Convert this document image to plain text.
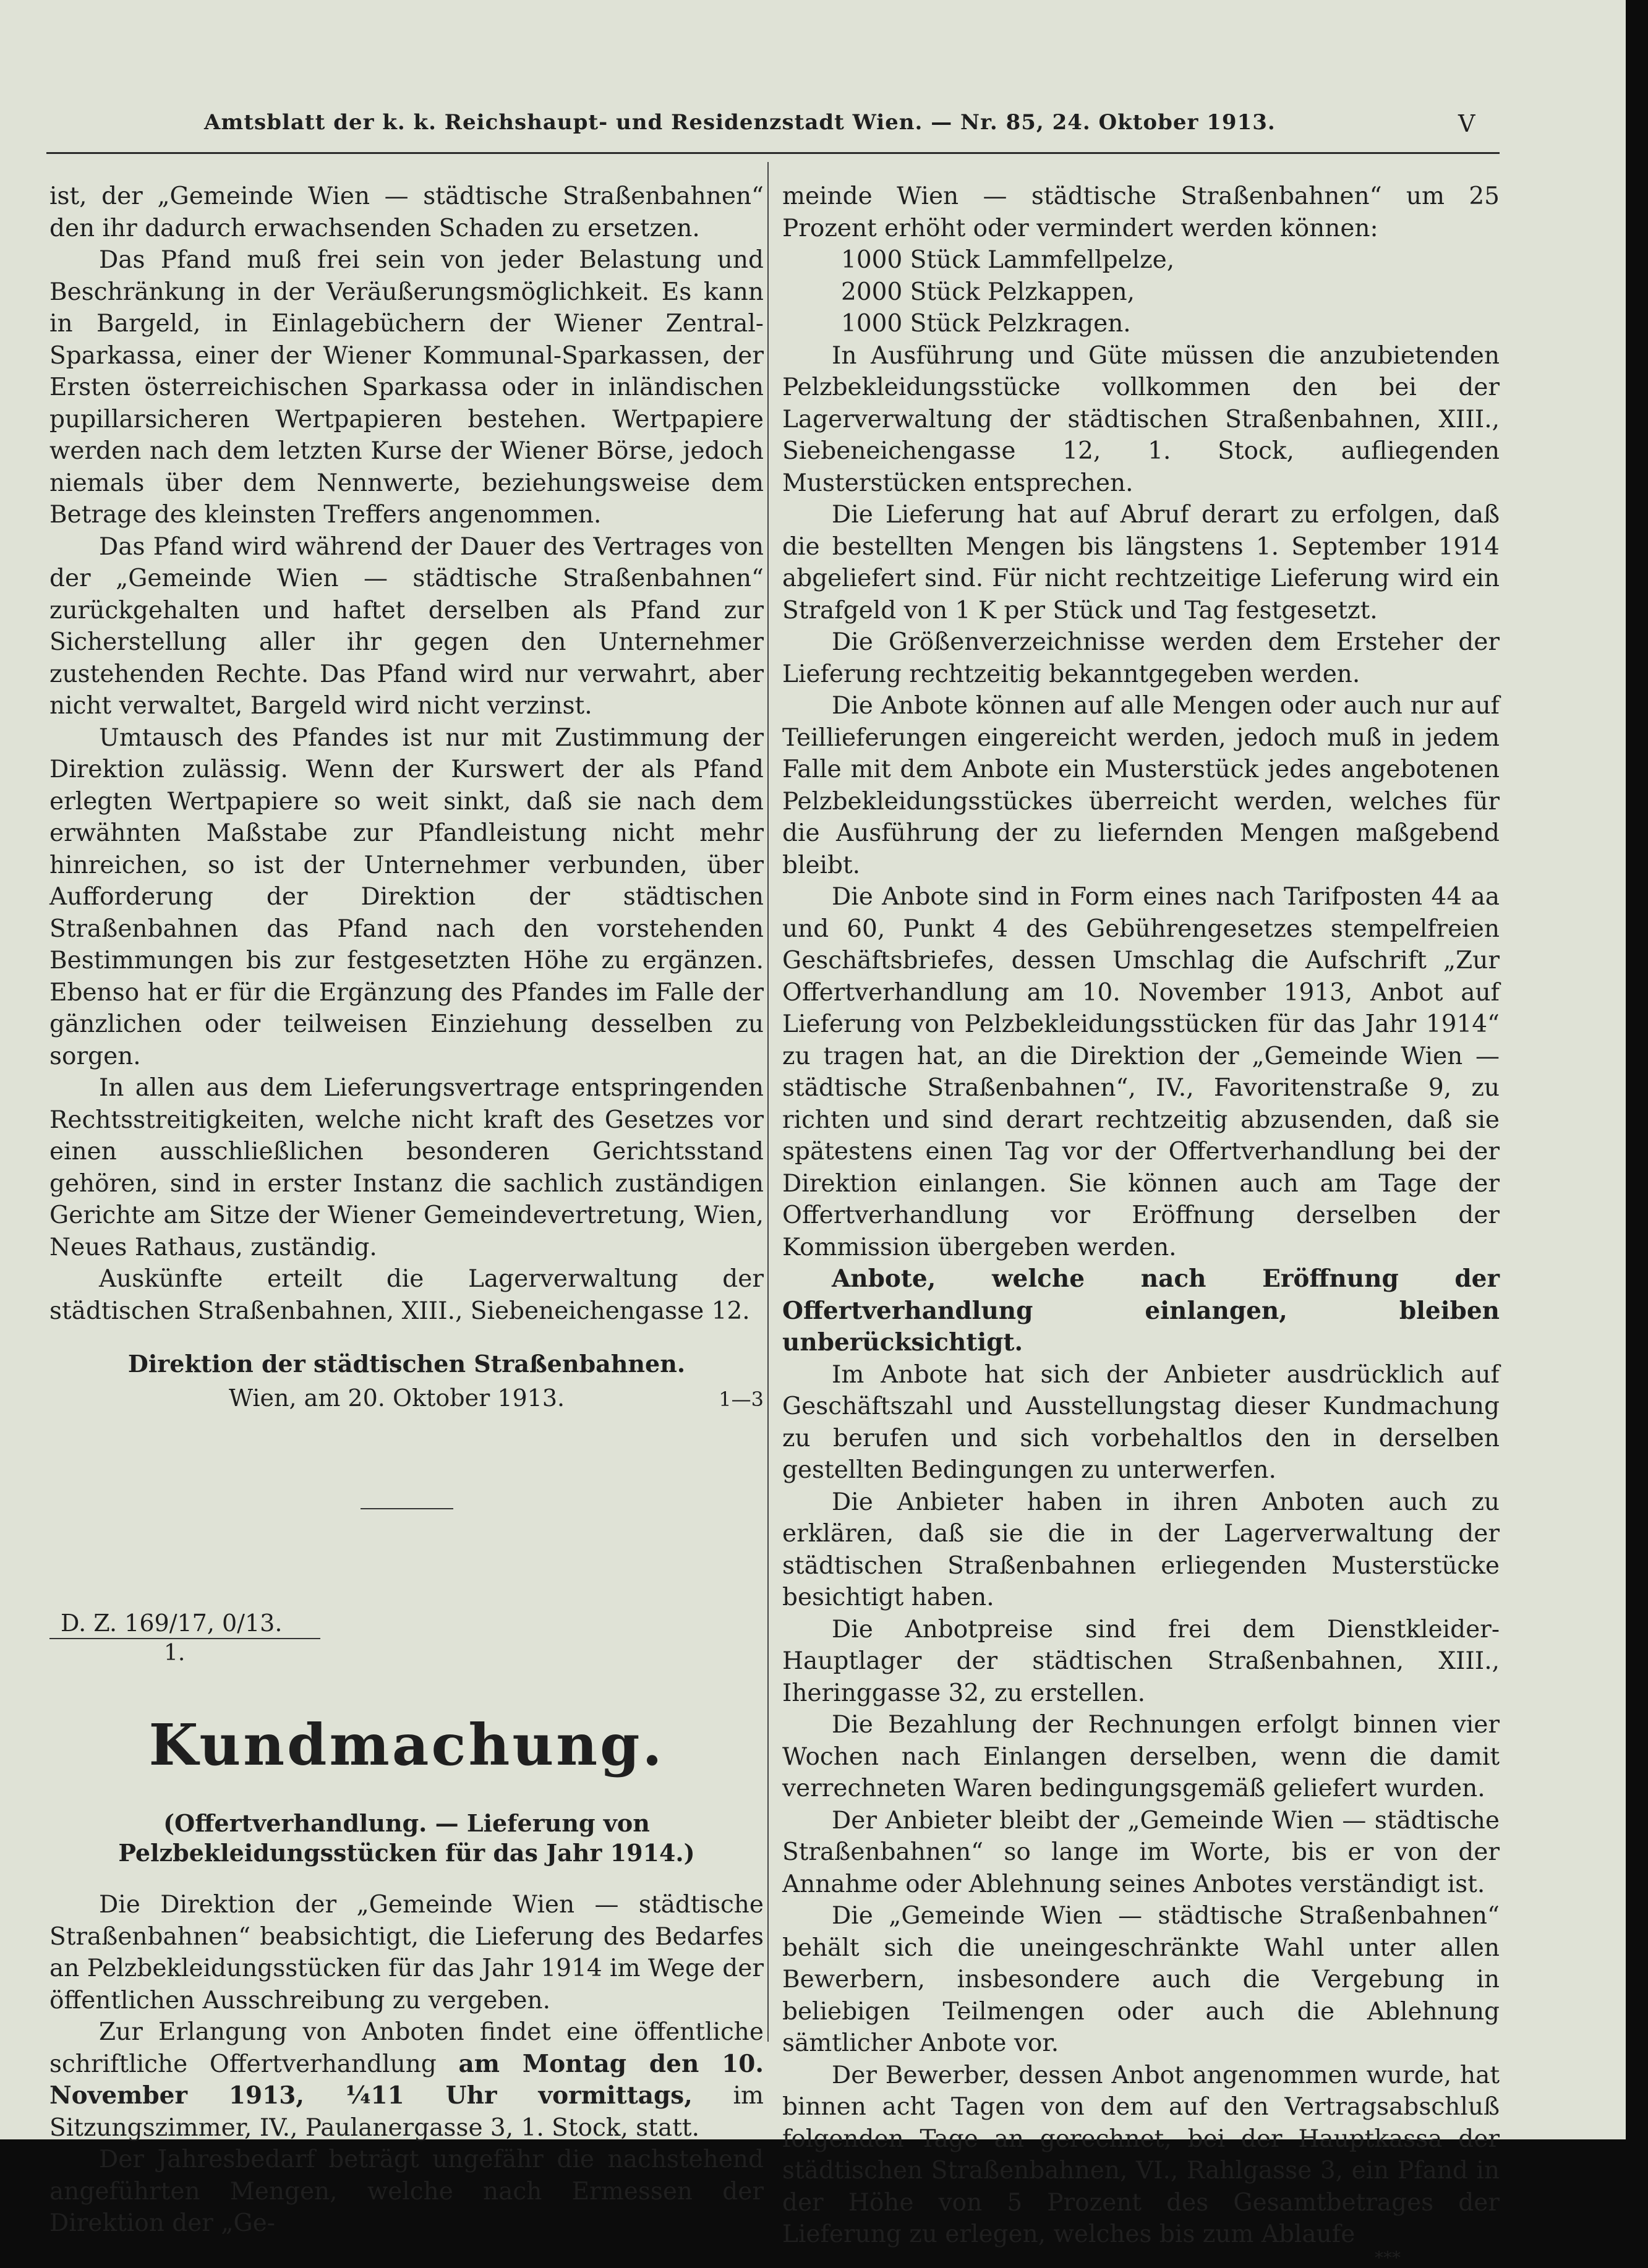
Amtsblatt der k. k. Reichshaupt- und Residenzstadt Wien. — Nr. 85, 24. Oktober 1913.	V

ist, der „Gemeinde Wien — städtische Straßenbahnen“ den ihr dadurch erwachsenden Schaden zu ersetzen.

Das Pfand muß frei sein von jeder Belastung und Beschränkung in der Veräußerungsmöglichkeit. Es kann in Bargeld, in Einlagebüchern der Wiener Zentral-Sparkassa, einer der Wiener Kommunal-Sparkassen, der Ersten österreichischen Sparkassa oder in inländischen pupillarsicheren Wertpapieren bestehen. Wertpapiere werden nach dem letzten Kurse der Wiener Börse, jedoch niemals über dem Nennwerte, beziehungsweise dem Betrage des kleinsten Treffers angenommen.

Das Pfand wird während der Dauer des Vertrages von der „Gemeinde Wien — städtische Straßenbahnen“ zurückgehalten und haftet derselben als Pfand zur Sicherstellung aller ihr gegen den Unternehmer zustehenden Rechte. Das Pfand wird nur verwahrt, aber nicht verwaltet, Bargeld wird nicht verzinst.

Umtausch des Pfandes ist nur mit Zustimmung der Direktion zulässig. Wenn der Kurswert der als Pfand erlegten Wertpapiere so weit sinkt, daß sie nach dem erwähnten Maßstabe zur Pfandleistung nicht mehr hinreichen, so ist der Unternehmer verbunden, über Aufforderung der Direktion der städtischen Straßenbahnen das Pfand nach den vorstehenden Bestimmungen bis zur festgesetzten Höhe zu ergänzen. Ebenso hat er für die Ergänzung des Pfandes im Falle der gänzlichen oder teilweisen Einziehung desselben zu sorgen.

In allen aus dem Lieferungsvertrage entspringenden Rechtsstreitigkeiten, welche nicht kraft des Gesetzes vor einen ausschließlichen besonderen Gerichtsstand gehören, sind in erster Instanz die sachlich zuständigen Gerichte am Sitze der Wiener Gemeindevertretung, Wien, Neues Rathaus, zuständig.

Auskünfte erteilt die Lagerverwaltung der städtischen Straßenbahnen, XIII., Siebeneichengasse 12.

Direktion der städtischen Straßenbahnen.

Wien, am 20. Oktober 1913.	1—3

D. Z. 169/17, 0/13.

1.

Kundmachung.

(Offertverhandlung. — Lieferung von Pelzbekleidungsstücken für das Jahr 1914.)

Die Direktion der „Gemeinde Wien — städtische Straßenbahnen“ beabsichtigt, die Lieferung des Bedarfes an Pelzbekleidungsstücken für das Jahr 1914 im Wege der öffentlichen Ausschreibung zu vergeben.

Zur Erlangung von Anboten findet eine öffentliche schriftliche Offertverhandlung am Montag den 10. November 1913, ¼11 Uhr vormittags, im Sitzungszimmer, IV., Paulanergasse 3, 1. Stock, statt.

Der Jahresbedarf beträgt ungefähr die nachstehend angeführten Mengen, welche nach Ermessen der Direktion der „Ge-

meinde Wien — städtische Straßenbahnen“ um 25 Prozent erhöht oder vermindert werden können:

1000 Stück Lammfellpelze,

2000 Stück Pelzkappen,

1000 Stück Pelzkragen.

In Ausführung und Güte müssen die anzubietenden Pelzbekleidungsstücke vollkommen den bei der Lagerverwaltung der städtischen Straßenbahnen, XIII., Siebeneichengasse 12, 1. Stock, aufliegenden Musterstücken entsprechen.

Die Lieferung hat auf Abruf derart zu erfolgen, daß die bestellten Mengen bis längstens 1. September 1914 abgeliefert sind. Für nicht rechtzeitige Lieferung wird ein Strafgeld von 1 K per Stück und Tag festgesetzt.

Die Größenverzeichnisse werden dem Ersteher der Lieferung rechtzeitig bekanntgegeben werden.

Die Anbote können auf alle Mengen oder auch nur auf Teillieferungen eingereicht werden, jedoch muß in jedem Falle mit dem Anbote ein Musterstück jedes angebotenen Pelzbekleidungsstückes überreicht werden, welches für die Ausführung der zu liefernden Mengen maßgebend bleibt.

Die Anbote sind in Form eines nach Tarifposten 44 aa und 60, Punkt 4 des Gebührengesetzes stempelfreien Geschäftsbriefes, dessen Umschlag die Aufschrift „Zur Offertverhandlung am 10. November 1913, Anbot auf Lieferung von Pelzbekleidungsstücken für das Jahr 1914“ zu tragen hat, an die Direktion der „Gemeinde Wien — städtische Straßenbahnen“, IV., Favoritenstraße 9, zu richten und sind derart rechtzeitig abzusenden, daß sie spätestens einen Tag vor der Offertverhandlung bei der Direktion einlangen. Sie können auch am Tage der Offertverhandlung vor Eröffnung derselben der Kommission übergeben werden.

Anbote, welche nach Eröffnung der Offertverhandlung einlangen, bleiben unberücksichtigt.

Im Anbote hat sich der Anbieter ausdrücklich auf Geschäftszahl und Ausstellungstag dieser Kundmachung zu berufen und sich vorbehaltlos den in derselben gestellten Bedingungen zu unterwerfen.

Die Anbieter haben in ihren Anboten auch zu erklären, daß sie die in der Lagerverwaltung der städtischen Straßenbahnen erliegenden Musterstücke besichtigt haben.

Die Anbotpreise sind frei dem Dienstkleider-Hauptlager der städtischen Straßenbahnen, XIII., Iheringgasse 32, zu erstellen.

Die Bezahlung der Rechnungen erfolgt binnen vier Wochen nach Einlangen derselben, wenn die damit verrechneten Waren bedingungsgemäß geliefert wurden.

Der Anbieter bleibt der „Gemeinde Wien — städtische Straßenbahnen“ so lange im Worte, bis er von der Annahme oder Ablehnung seines Anbotes verständigt ist.

Die „Gemeinde Wien — städtische Straßenbahnen“ behält sich die uneingeschränkte Wahl unter allen Bewerbern, insbesondere auch die Vergebung in beliebigen Teilmengen oder auch die Ablehnung sämtlicher Anbote vor.

Der Bewerber, dessen Anbot angenommen wurde, hat binnen acht Tagen von dem auf den Vertragsabschluß folgenden Tage an gerechnet, bei der Hauptkassa der städtischen Straßenbahnen, VI., Rahlgasse 3, ein Pfand in der Höhe von 5 Prozent des Gesamtbetrages der Lieferung zu erlegen, welches bis zum Ablaufe

***
